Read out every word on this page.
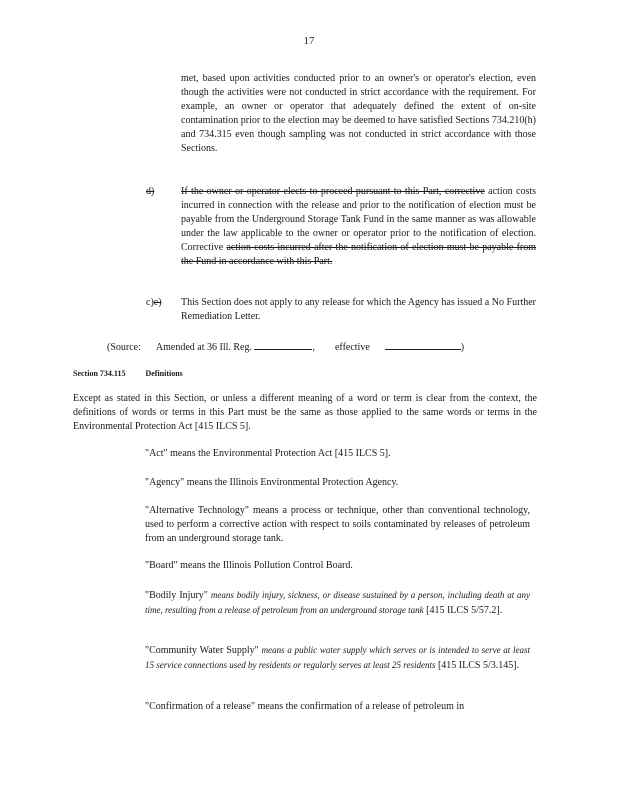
17
met, based upon activities conducted prior to an owner's or operator's election, even though the activities were not conducted in strict accordance with the requirement. For example, an owner or operator that adequately defined the extent of on-site contamination prior to the election may be deemed to have satisfied Sections 734.210(h) and 734.315 even though sampling was not conducted in strict accordance with those Sections.
d)	If the owner or operator elects to proceed pursuant to this Part, corrective action costs incurred in connection with the release and prior to the notification of election must be payable from the Underground Storage Tank Fund in the same manner as was allowable under the law applicable to the owner or operator prior to the notification of election. Corrective action costs incurred after the notification of election must be payable from the Fund in accordance with this Part.
c)e) This Section does not apply to any release for which the Agency has issued a No Further Remediation Letter.
(Source: Amended at 36 Ill. Reg.	,        effective	)
Section 734.115	Definitions
Except as stated in this Section, or unless a different meaning of a word or term is clear from the context, the definitions of words or terms in this Part must be the same as those applied to the same words or terms in the Environmental Protection Act [415 ILCS 5].
"Act" means the Environmental Protection Act [415 ILCS 5].
"Agency" means the Illinois Environmental Protection Agency.
"Alternative Technology" means a process or technique, other than conventional technology, used to perform a corrective action with respect to soils contaminated by releases of petroleum from an underground storage tank.
"Board" means the Illinois Pollution Control Board.
"Bodily Injury" means bodily injury, sickness, or disease sustained by a person, including death at any time, resulting from a release of petroleum from an underground storage tank [415 ILCS 5/57.2].
"Community Water Supply" means a public water supply which serves or is intended to serve at least 15 service connections used by residents or regularly serves at least 25 residents [415 ILCS 5/3.145].
"Confirmation of a release" means the confirmation of a release of petroleum in
